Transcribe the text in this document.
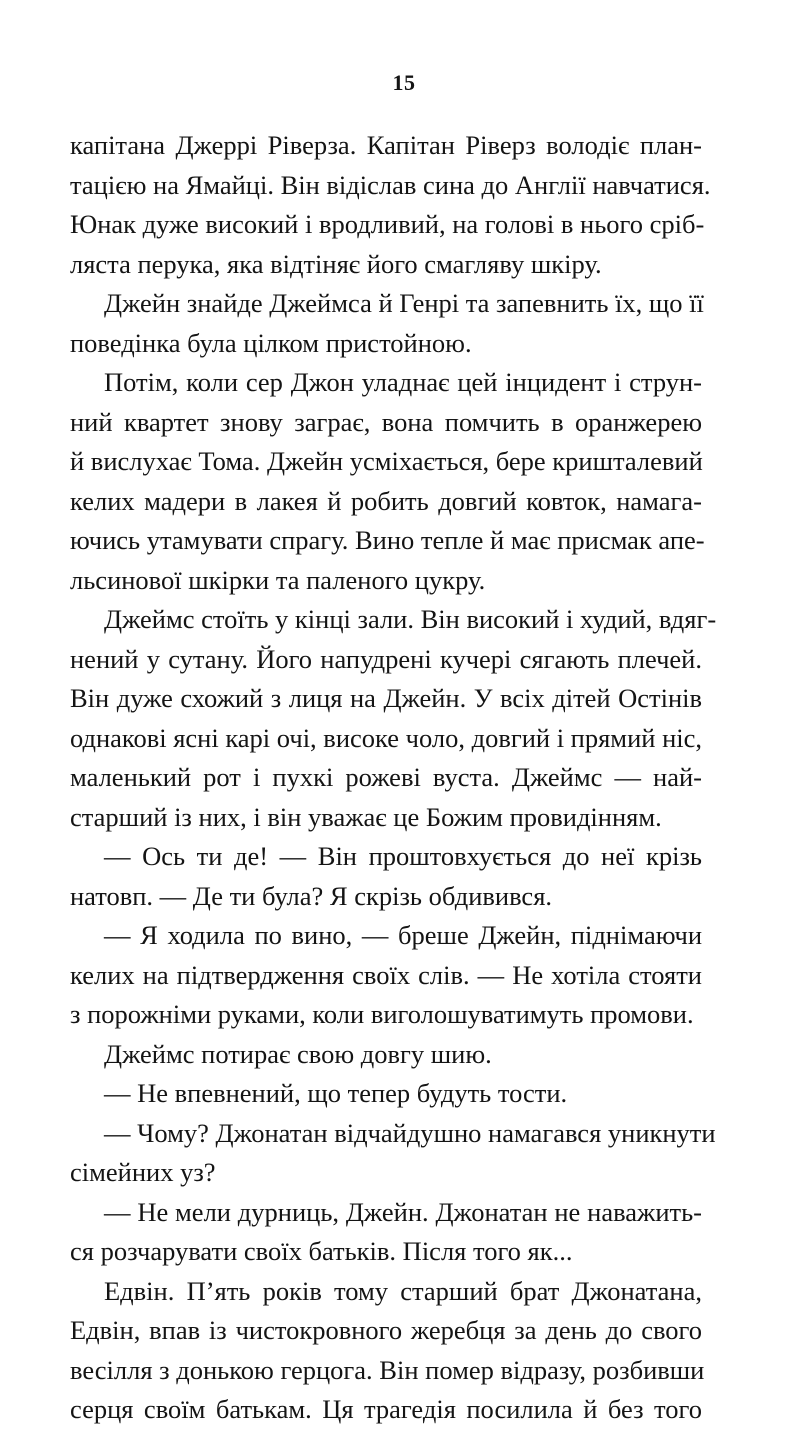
15
капітана Джеррі Ріверза. Капітан Ріверз володіє план-
тацією на Ямайці. Він відіслав сина до Англії навчатися.
Юнак дуже високий і вродливий, на голові в нього сріб-
ляста перука, яка відтіняє його смагляву шкіру.
Джейн знайде Джеймса й Генрі та запевнить їх, що її
поведінка була цілком пристойною.
Потім, коли сер Джон уладнає цей інцидент і струн-
ний квартет знову заграє, вона помчить в оранжерею
й вислухає Тома. Джейн усміхається, бере кришталевий
келих мадери в лакея й робить довгий ковток, намага-
ючись утамувати спрагу. Вино тепле й має присмак апе-
льсинової шкірки та паленого цукру.
Джеймс стоїть у кінці зали. Він високий і худий, вдяг-
нений у сутану. Його напудрені кучері сягають плечей.
Він дуже схожий з лиця на Джейн. У всіх дітей Остінів
однакові ясні карі очі, високе чоло, довгий і прямий ніс,
маленький рот і пухкі рожеві вуста. Джеймс — най-
старший із них, і він уважає це Божим провидінням.
— Ось ти де! — Він проштовхується до неї крізь
натовп. — Де ти була? Я скрізь обдивився.
— Я ходила по вино, — бреше Джейн, піднімаючи
келих на підтвердження своїх слів. — Не хотіла стояти
з порожніми руками, коли виголошуватимуть промови.
Джеймс потирає свою довгу шию.
— Не впевнений, що тепер будуть тости.
— Чому? Джонатан відчайдушно намагався уникнути
сімейних уз?
— Не мели дурниць, Джейн. Джонатан не наважить-
ся розчарувати своїх батьків. Після того як...
Едвін. П’ять років тому старший брат Джонатана,
Едвін, впав із чистокровного жеребця за день до свого
весілля з донькою герцога. Він помер відразу, розбивши
серця своїм батькам. Ця трагедія посилила й без того
